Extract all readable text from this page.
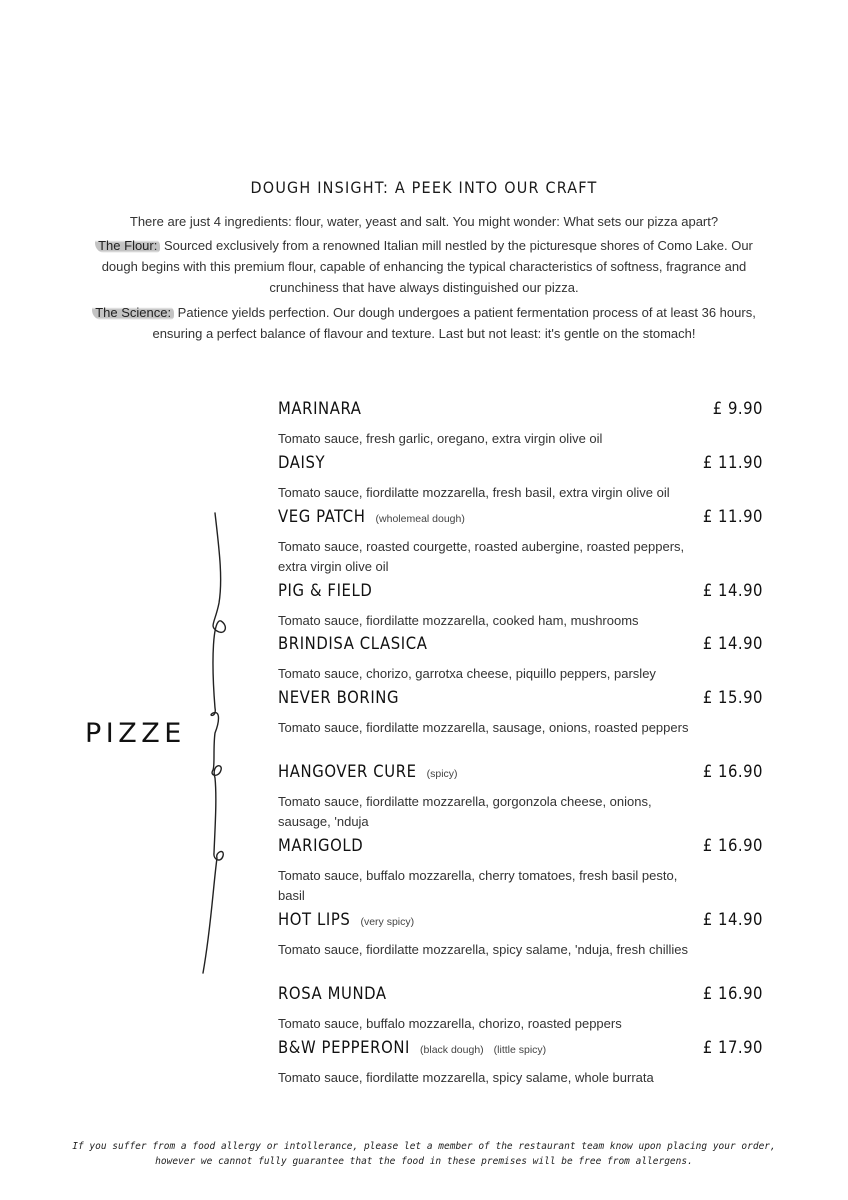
DOUGH INSIGHT: A PEEK INTO OUR CRAFT

There are just 4 ingredients: flour, water, yeast and salt. You might wonder: What sets our pizza apart?

The Flour: Sourced exclusively from a renowned Italian mill nestled by the picturesque shores of Como Lake. Our dough begins with this premium flour, capable of enhancing the typical characteristics of softness, fragrance and crunchiness that have always distinguished our pizza.

The Science: Patience yields perfection. Our dough undergoes a patient fermentation process of at least 36 hours, ensuring a perfect balance of flavour and texture. Last but not least: it's gentle on the stomach!

PIZZE
MARINARA	£ 9.90
Tomato sauce, fresh garlic, oregano, extra virgin olive oil
DAISY	£ 11.90
Tomato sauce, fiordilatte mozzarella, fresh basil, extra virgin olive oil
VEG PATCH (wholemeal dough)	£ 11.90
Tomato sauce, roasted courgette, roasted aubergine, roasted peppers, extra virgin olive oil
PIG & FIELD	£ 14.90
Tomato sauce, fiordilatte mozzarella, cooked ham, mushrooms
BRINDISA CLASICA	£ 14.90
Tomato sauce, chorizo, garrotxa cheese, piquillo peppers, parsley
NEVER BORING	£ 15.90
Tomato sauce, fiordilatte mozzarella, sausage, onions, roasted peppers
HANGOVER CURE (spicy)	£ 16.90
Tomato sauce, fiordilatte mozzarella, gorgonzola cheese, onions, sausage, 'nduja
MARIGOLD	£ 16.90
Tomato sauce, buffalo mozzarella, cherry tomatoes, fresh basil pesto, basil
HOT LIPS (very spicy)	£ 14.90
Tomato sauce, fiordilatte mozzarella, spicy salame, 'nduja, fresh chillies
ROSA MUNDA	£ 16.90
Tomato sauce, buffalo mozzarella, chorizo, roasted peppers
B&W PEPPERONI (black dough) (little spicy)	£ 17.90
Tomato sauce, fiordilatte mozzarella, spicy salame, whole burrata
If you suffer from a food allergy or intollerance, please let a member of the restaurant team know upon placing your order, however we cannot fully guarantee that the food in these premises will be free from allergens.
